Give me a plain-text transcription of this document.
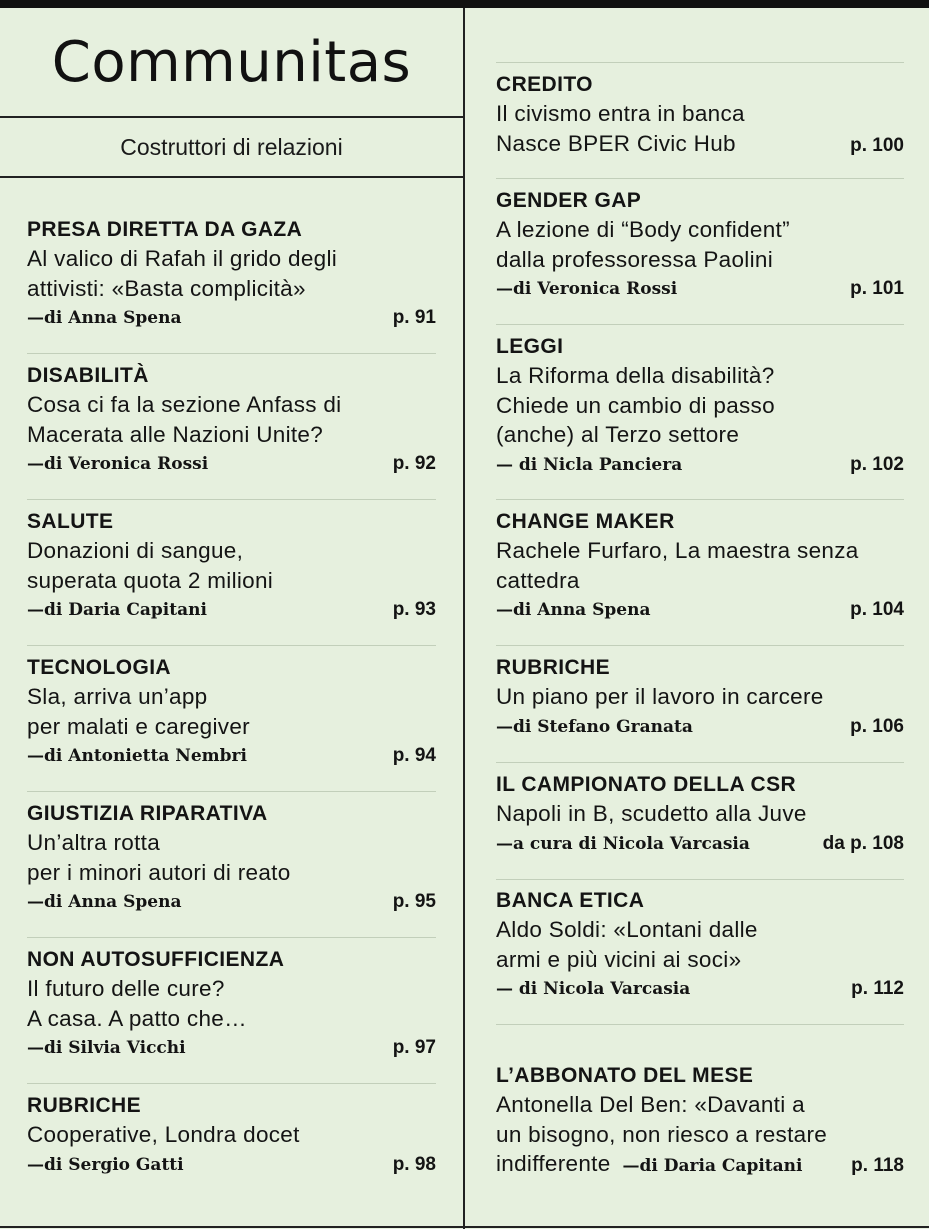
Communitas
Costruttori di relazioni
PRESA DIRETTA DA GAZA
Al valico di Rafah il grido degli
attivisti: «Basta complicità»
—di Anna Spena	p. 91
DISABILITÀ
Cosa ci fa la sezione Anfass di
Macerata alle Nazioni Unite?
—di Veronica Rossi	p. 92
SALUTE
Donazioni di sangue,
superata quota 2 milioni
—di Daria Capitani	p. 93
TECNOLOGIA
Sla, arriva un’app
per malati e caregiver
—di Antonietta Nembri	p. 94
GIUSTIZIA RIPARATIVA
Un’altra rotta
per i minori autori di reato
—di Anna Spena	p. 95
NON AUTOSUFFICIENZA
Il futuro delle cure?
A casa. A patto che…
—di Silvia Vicchi	p. 97
RUBRICHE
Cooperative, Londra docet
—di Sergio Gatti	p. 98
CREDITO
Il civismo entra in banca
Nasce BPER Civic Hub	p. 100
GENDER GAP
A lezione di “Body confident”
dalla professoressa Paolini
—di Veronica Rossi	p. 101
LEGGI
La Riforma della disabilità?
Chiede un cambio di passo
(anche) al Terzo settore
— di Nicla Panciera	p. 102
CHANGE MAKER
Rachele Furfaro, La maestra senza
cattedra
—di Anna Spena	p. 104
RUBRICHE
Un piano per il lavoro in carcere
—di Stefano Granata	p. 106
IL CAMPIONATO DELLA CSR
Napoli in B, scudetto alla Juve
—a cura di Nicola Varcasia	da p. 108
BANCA ETICA
Aldo Soldi: «Lontani dalle
armi e più vicini ai soci»
— di Nicola Varcasia	p. 112
L’ABBONATO DEL MESE
Antonella Del Ben: «Davanti a
un bisogno, non riesco a restare
indifferente —di Daria Capitani	p. 118
